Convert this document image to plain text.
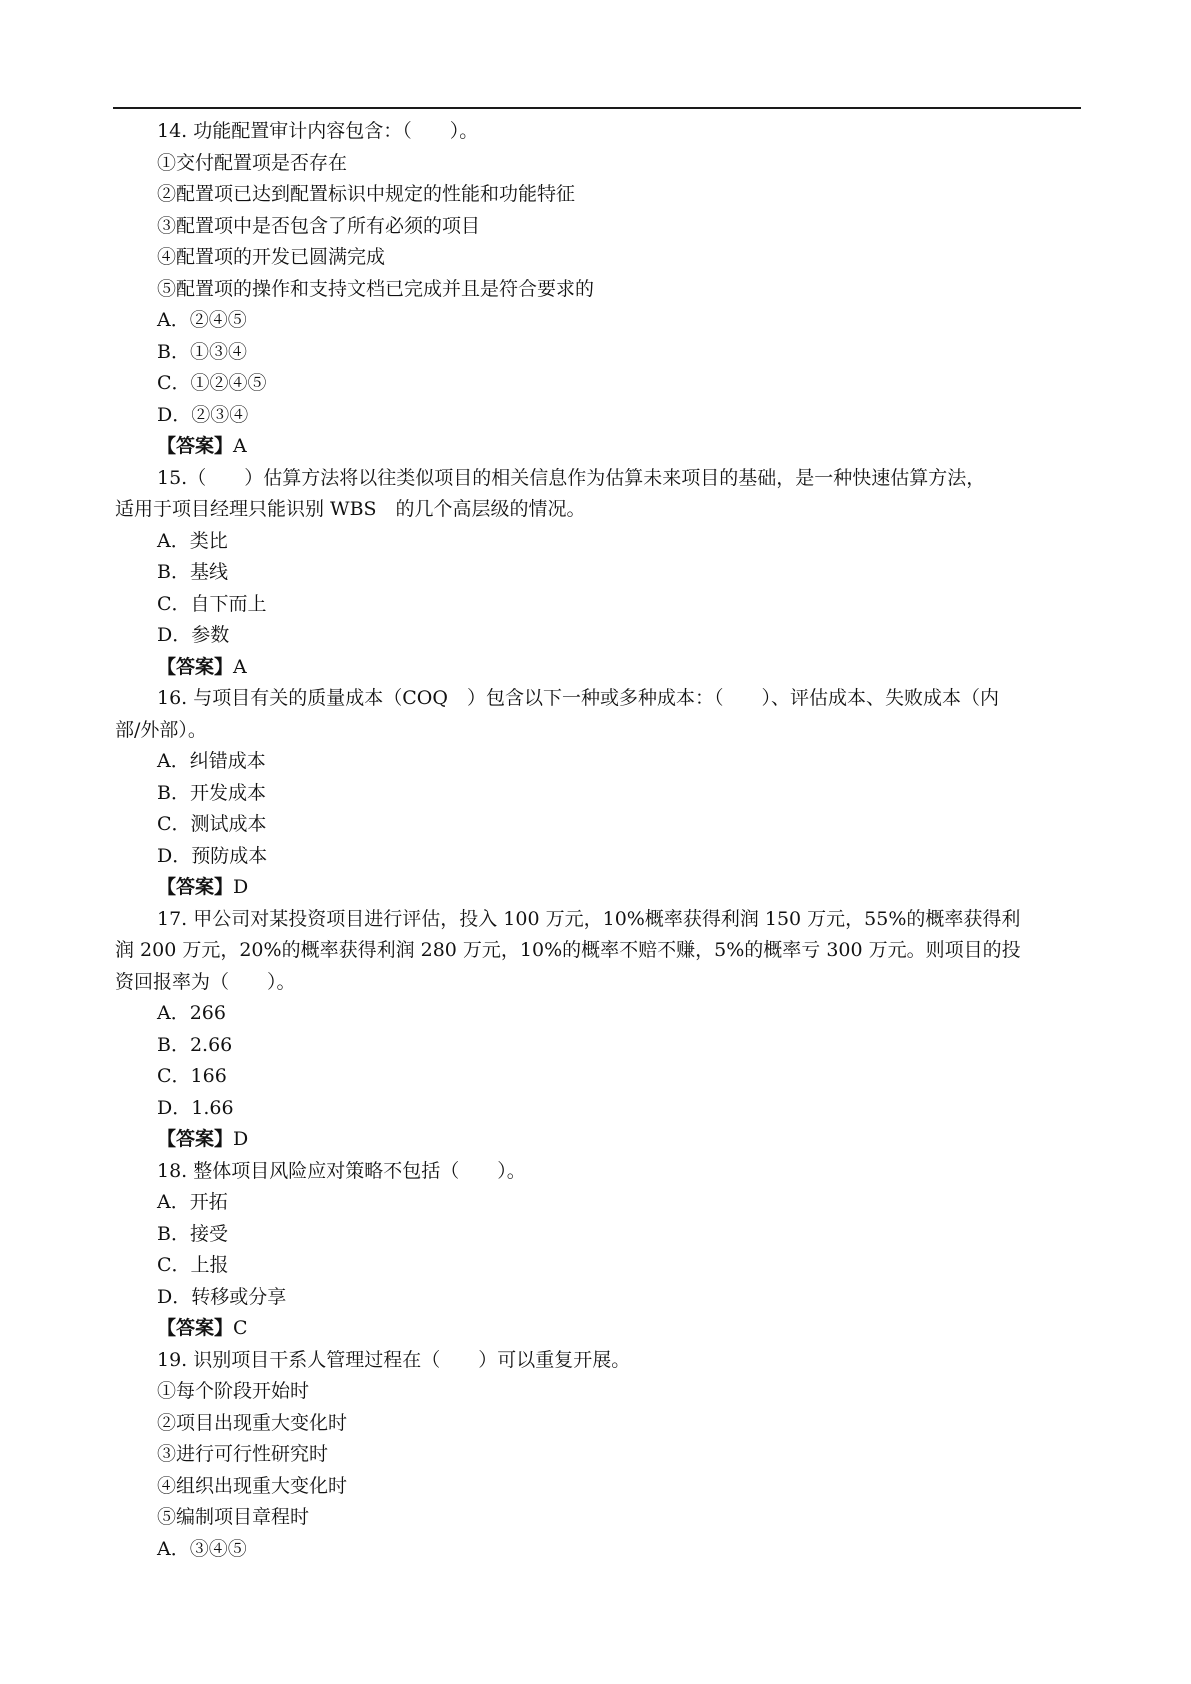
14. 功能配置审计内容包含：（　　）。
①交付配置项是否存在
②配置项已达到配置标识中规定的性能和功能特征
③配置项中是否包含了所有必须的项目
④配置项的开发已圆满完成
⑤配置项的操作和支持文档已完成并且是符合要求的
A．②④⑤
B．①③④
C．①②④⑤
D．②③④
【答案】A
15.（　　）估算方法将以往类似项目的相关信息作为估算未来项目的基础，是一种快速估算方法，
适用于项目经理只能识别 WBS　的几个高层级的情况。
A．类比
B．基线
C．自下而上
D．参数
【答案】A
16. 与项目有关的质量成本（COQ　）包含以下一种或多种成本：（　　）、评估成本、失败成本（内
部/外部）。
A．纠错成本
B．开发成本
C．测试成本
D．预防成本
【答案】D
17. 甲公司对某投资项目进行评估，投入 100 万元，10%概率获得利润 150 万元，55%的概率获得利
润 200 万元，20%的概率获得利润 280 万元，10%的概率不赔不赚，5%的概率亏 300 万元。则项目的投
资回报率为（　　）。
A．266
B．2.66
C．166
D．1.66
【答案】D
18. 整体项目风险应对策略不包括（　　）。
A．开拓
B．接受
C．上报
D．转移或分享
【答案】C
19. 识别项目干系人管理过程在（　　）可以重复开展。
①每个阶段开始时
②项目出现重大变化时
③进行可行性研究时
④组织出现重大变化时
⑤编制项目章程时
A．③④⑤
